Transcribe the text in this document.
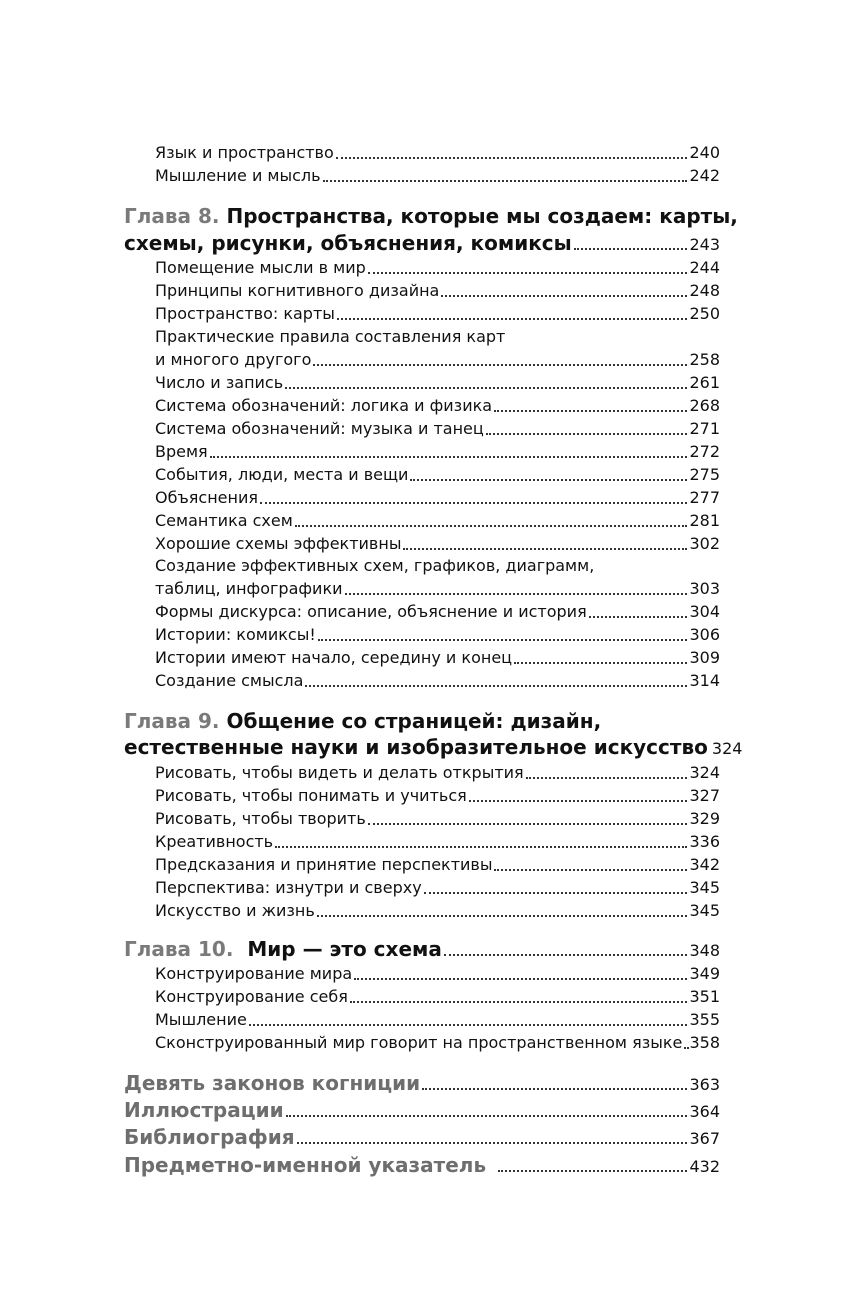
Язык и пространство	240
Мышление и мысль	242
Глава 8. Пространства, которые мы создаем: карты,
схемы, рисунки, объяснения, комиксы	243
Помещение мысли в мир	244
Принципы когнитивного дизайна	248
Пространство: карты	250
Практические правила составления карт
и многого другого	258
Число и запись	261
Система обозначений: логика и физика	268
Система обозначений: музыка и танец	271
Время	272
События, люди, места и вещи	275
Объяснения	277
Семантика схем	281
Хорошие схемы эффективны	302
Создание эффективных схем, графиков, диаграмм,
таблиц, инфографики	303
Формы дискурса: описание, объяснение и история	304
Истории: комиксы!	306
Истории имеют начало, середину и конец	309
Создание смысла	314
Глава 9. Общение со страницей: дизайн,
естественные науки и изобразительное искусство 324
Рисовать, чтобы видеть и делать открытия	324
Рисовать, чтобы понимать и учиться	327
Рисовать, чтобы творить	329
Креативность	336
Предсказания и принятие перспективы	342
Перспектива: изнутри и сверху	345
Искусство и жизнь	345
Глава 10. Мир — это схема	348
Конструирование мира	349
Конструирование себя	351
Мышление	355
Сконструированный мир говорит на пространственном языке 358
Девять законов когниции	363
Иллюстрации	364
Библиография	367
Предметно-именной указатель	432
